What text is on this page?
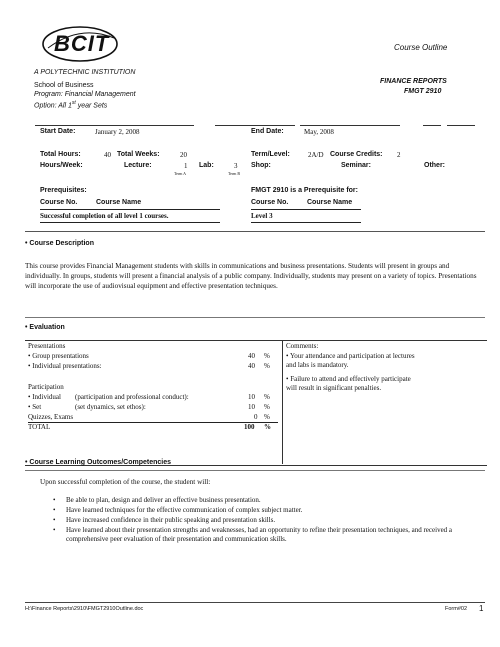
BCIT	Course Outline
A POLYTECHNIC INSTITUTION
School of Business
Program: Financial Management
Option: All 1st year Sets
FINANCE REPORTS
FMGT 2910
Start Date:	January 2, 2008	End Date:	May, 2008
Total Hours:	40 Total Weeks:	20	Term/Level:	2A/D Course Credits: 2
Hours/Week:	Lecture:	1 Lab:	3 Shop:	Seminar:	Other:
Term A	Term B
Prerequisites:	FMGT 2910 is a Prerequisite for:
Course No.	Course Name	Course No.	Course Name
Successful completion of all level 1 courses.	Level 3
• Course Description
This course provides Financial Management students with skills in communications and business presentations. Students will present in groups and individually. In groups, students will present a financial analysis of a public company. Individually, students may present on a variety of topics. Presentations will incorporate the use of audiovisual equipment and effective presentation techniques.
• Evaluation
Presentations
• Group presentations	40 %
• Individual presentations:	40 %
Participation
• Individual (participation and professional conduct):	10 %
• Set	(set dynamics, set ethos):	10 %
Quizzes, Exams	0 %
TOTAL	100 %
Comments:
• Your attendance and participation at lectures and labs is mandatory.
• Failure to attend and effectively participate will result in significant penalties.
• Course Learning Outcomes/Competencies
Upon successful completion of the course, the student will:
• Be able to plan, design and deliver an effective business presentation.
• Have learned techniques for the effective communication of complex subject matter.
• Have increased confidence in their public speaking and presentation skills.
• Have learned about their presentation strengths and weaknesses, had an opportunity to refine their presentation techniques, and received a comprehensive peer evaluation of their presentation and communication skills.
H:\Finance Reports\2910\FMGT2910Outline.doc	Form#02 1
